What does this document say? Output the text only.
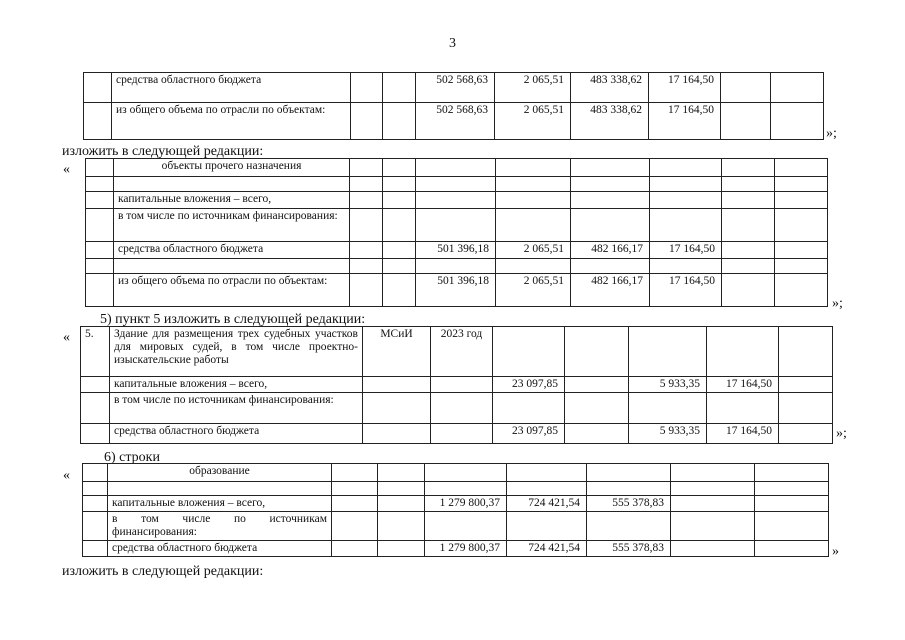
3
	средства областного бюджета			502 568,63	2 065,51	483 338,62	17 164,50		
	из общего объема по отрасли по объектам:			502 568,63	2 065,51	483 338,62	17 164,50		
»;
изложить в следующей редакции:
«
		объекты прочего назначения								

	капитальные вложения – всего,								
	в том числе по источникам финансирования:								
	средства областного бюджета			501 396,18	2 065,51	482 166,17	17 164,50		

	из общего объема по отрасли по объектам:			501 396,18	2 065,51	482 166,17	17 164,50		
»;
5) пункт 5 изложить в следующей редакции:
« 5.	Здание для размещения трех судебных участков для мировых судей, в том числе проектно-изыскательские работы	МСиИ	2023 год					
	капитальные вложения – всего,			23 097,85		5 933,35	17 164,50	
	в том числе по источникам финансирования:							
	средства областного бюджета			23 097,85		5 933,35	17 164,50		»;
6) строки
«
		образование							

	капитальные вложения – всего,			1 279 800,37	724 421,54	555 378,83		
	в том числе по источникам финансирования:							
	средства областного бюджета			1 279 800,37	724 421,54	555 378,83			»
изложить в следующей редакции:
